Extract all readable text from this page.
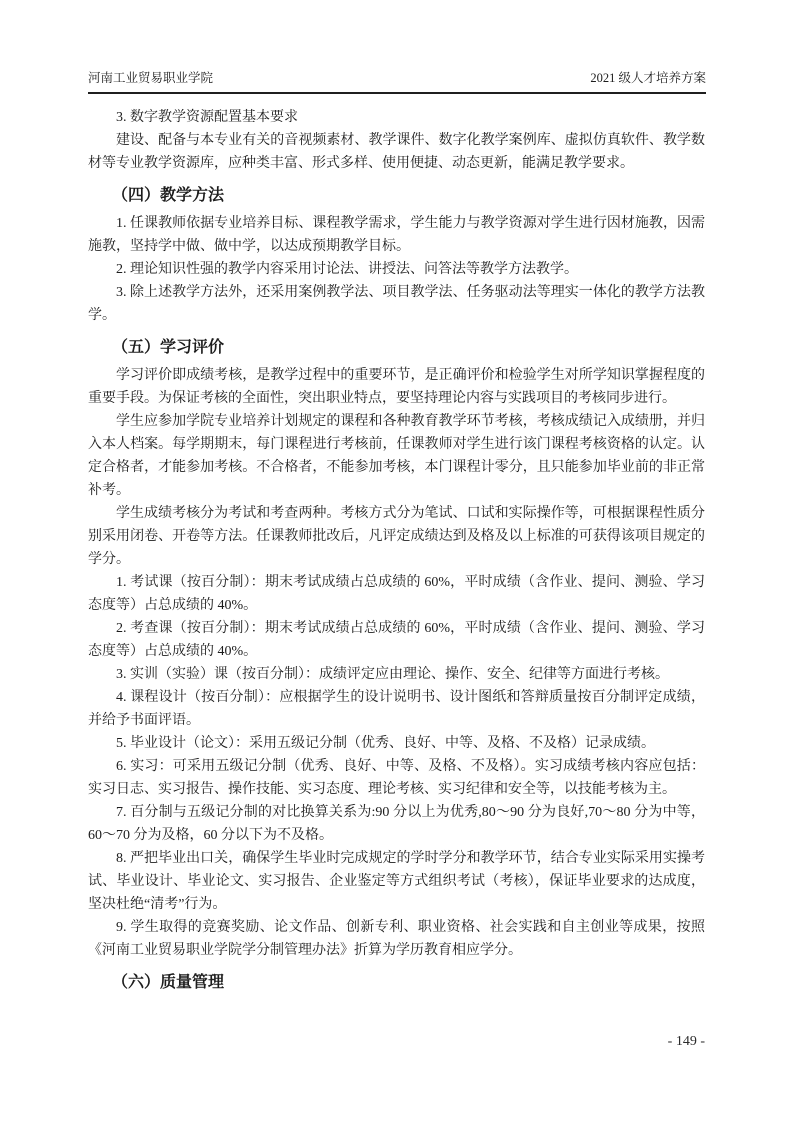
河南工业贸易职业学院	2021 级人才培养方案

3. 数字教学资源配置基本要求

建设、配备与本专业有关的音视频素材、教学课件、数字化教学案例库、虚拟仿真软件、教学数材等专业教学资源库，应种类丰富、形式多样、使用便捷、动态更新，能满足教学要求。

（四）教学方法

1. 任课教师依据专业培养目标、课程教学需求，学生能力与教学资源对学生进行因材施教，因需施教，坚持学中做、做中学，以达成预期教学目标。

2. 理论知识性强的教学内容采用讨论法、讲授法、问答法等教学方法教学。

3. 除上述教学方法外，还采用案例教学法、项目教学法、任务驱动法等理实一体化的教学方法教学。

（五）学习评价

学习评价即成绩考核，是教学过程中的重要环节，是正确评价和检验学生对所学知识掌握程度的重要手段。为保证考核的全面性，突出职业特点，要坚持理论内容与实践项目的考核同步进行。

学生应参加学院专业培养计划规定的课程和各种教育教学环节考核，考核成绩记入成绩册，并归入本人档案。每学期期末，每门课程进行考核前，任课教师对学生进行该门课程考核资格的认定。认定合格者，才能参加考核。不合格者，不能参加考核，本门课程计零分，且只能参加毕业前的非正常补考。

学生成绩考核分为考试和考查两种。考核方式分为笔试、口试和实际操作等，可根据课程性质分别采用闭卷、开卷等方法。任课教师批改后，凡评定成绩达到及格及以上标准的可获得该项目规定的学分。

1. 考试课（按百分制）：期末考试成绩占总成绩的 60%，平时成绩（含作业、提问、测验、学习态度等）占总成绩的 40%。

2. 考查课（按百分制）：期末考试成绩占总成绩的 60%，平时成绩（含作业、提问、测验、学习态度等）占总成绩的 40%。

3. 实训（实验）课（按百分制）：成绩评定应由理论、操作、安全、纪律等方面进行考核。

4. 课程设计（按百分制）：应根据学生的设计说明书、设计图纸和答辩质量按百分制评定成绩，并给予书面评语。

5. 毕业设计（论文）：采用五级记分制（优秀、良好、中等、及格、不及格）记录成绩。

6. 实习：可采用五级记分制（优秀、良好、中等、及格、不及格）。实习成绩考核内容应包括：实习日志、实习报告、操作技能、实习态度、理论考核、实习纪律和安全等，以技能考核为主。

7. 百分制与五级记分制的对比换算关系为:90 分以上为优秀,80～90 分为良好,70～80 分为中等，60～70 分为及格，60 分以下为不及格。

8. 严把毕业出口关，确保学生毕业时完成规定的学时学分和教学环节，结合专业实际采用实操考试、毕业设计、毕业论文、实习报告、企业鉴定等方式组织考试（考核），保证毕业要求的达成度，坚决杜绝“清考”行为。

9. 学生取得的竞赛奖励、论文作品、创新专利、职业资格、社会实践和自主创业等成果，按照《河南工业贸易职业学院学分制管理办法》折算为学历教育相应学分。

（六）质量管理
- 149 -
